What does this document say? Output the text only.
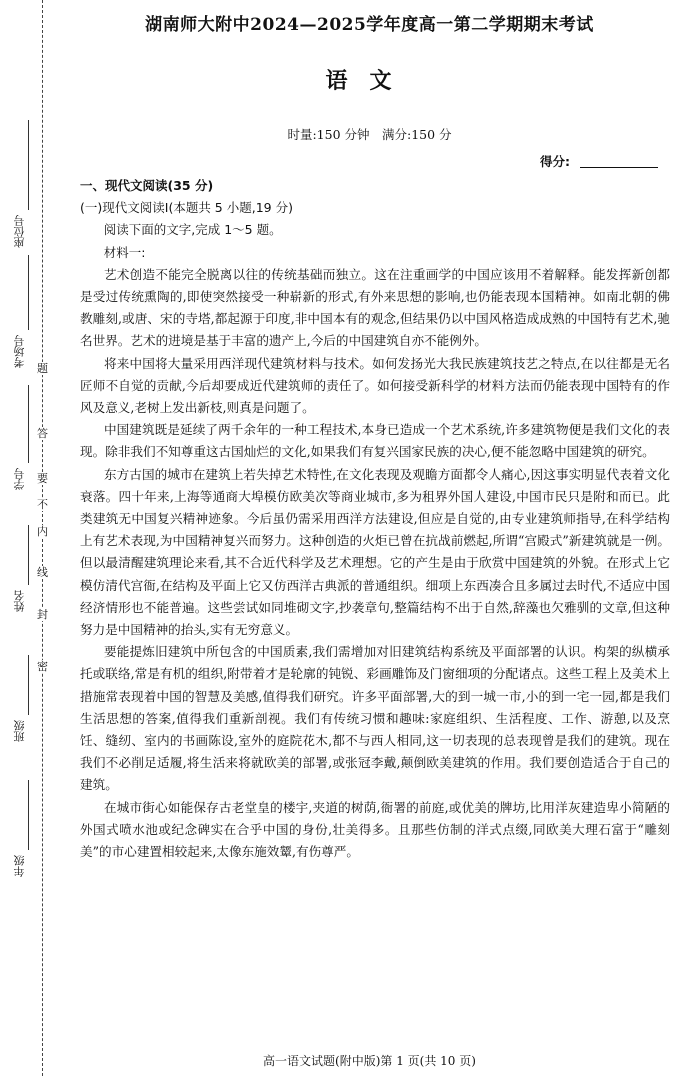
座位号
考场号
学号
姓名
班级
年级
题
答
要
不
内
线
封
密
湖南师大附中2024—2025学年度高一第二学期期末考试
语文
时量:150 分钟　满分:150 分
得分:

一、现代文阅读(35 分)

(一)现代文阅读Ⅰ(本题共 5 小题,19 分)

阅读下面的文字,完成 1～5 题。

材料一:

艺术创造不能完全脱离以往的传统基础而独立。这在注重画学的中国应该用不着解释。能发挥新创都是受过传统熏陶的,即使突然接受一种崭新的形式,有外来思想的影响,也仍能表现本国精神。如南北朝的佛教雕刻,或唐、宋的寺塔,都起源于印度,非中国本有的观念,但结果仍以中国风格造成成熟的中国特有艺术,驰名世界。艺术的进境是基于丰富的遗产上,今后的中国建筑自亦不能例外。

将来中国将大量采用西洋现代建筑材料与技术。如何发扬光大我民族建筑技艺之特点,在以往都是无名匠师不自觉的贡献,今后却要成近代建筑师的责任了。如何接受新科学的材料方法而仍能表现中国特有的作风及意义,老树上发出新枝,则真是问题了。

中国建筑既是延续了两千余年的一种工程技术,本身已造成一个艺术系统,许多建筑物便是我们文化的表现。除非我们不知尊重这古国灿烂的文化,如果我们有复兴国家民族的决心,便不能忽略中国建筑的研究。

东方古国的城市在建筑上若失掉艺术特性,在文化表现及观瞻方面都令人痛心,因这事实明显代表着文化衰落。四十年来,上海等通商大埠模仿欧美次等商业城市,多为租界外国人建设,中国市民只是附和而已。此类建筑无中国复兴精神迹象。今后虽仍需采用西洋方法建设,但应是自觉的,由专业建筑师指导,在科学结构上有艺术表现,为中国精神复兴而努力。这种创造的火炬已曾在抗战前燃起,所谓“宫殿式”新建筑就是一例。但以最清醒建筑理论来看,其不合近代科学及艺术理想。它的产生是由于欣赏中国建筑的外貌。在形式上它模仿清代宫衙,在结构及平面上它又仿西洋古典派的普通组织。细项上东西凑合且多属过去时代,不适应中国经济情形也不能普遍。这些尝试如同堆砌文字,抄袭章句,整篇结构不出于自然,辞藻也欠雅驯的文章,但这种努力是中国精神的抬头,实有无穷意义。

要能提炼旧建筑中所包含的中国质素,我们需增加对旧建筑结构系统及平面部署的认识。构架的纵横承托或联络,常是有机的组织,附带着才是轮廓的钝锐、彩画雕饰及门窗细项的分配诸点。这些工程上及美术上措施常表现着中国的智慧及美感,值得我们研究。许多平面部署,大的到一城一市,小的到一宅一园,都是我们生活思想的答案,值得我们重新剖视。我们有传统习惯和趣味:家庭组织、生活程度、工作、游憩,以及烹饪、缝纫、室内的书画陈设,室外的庭院花木,都不与西人相同,这一切表现的总表现曾是我们的建筑。现在我们不必削足适履,将生活来将就欧美的部署,或张冠李戴,颠倒欧美建筑的作用。我们要创造适合于自己的建筑。

在城市街心如能保存古老堂皇的楼宇,夹道的树荫,衙署的前庭,或优美的牌坊,比用洋灰建造卑小简陋的外国式喷水池或纪念碑实在合乎中国的身份,壮美得多。且那些仿制的洋式点缀,同欧美大理石富于“雕刻美”的市心建置相较起来,太像东施效颦,有伤尊严。

高一语文试题(附中版)第 1 页(共 10 页)
